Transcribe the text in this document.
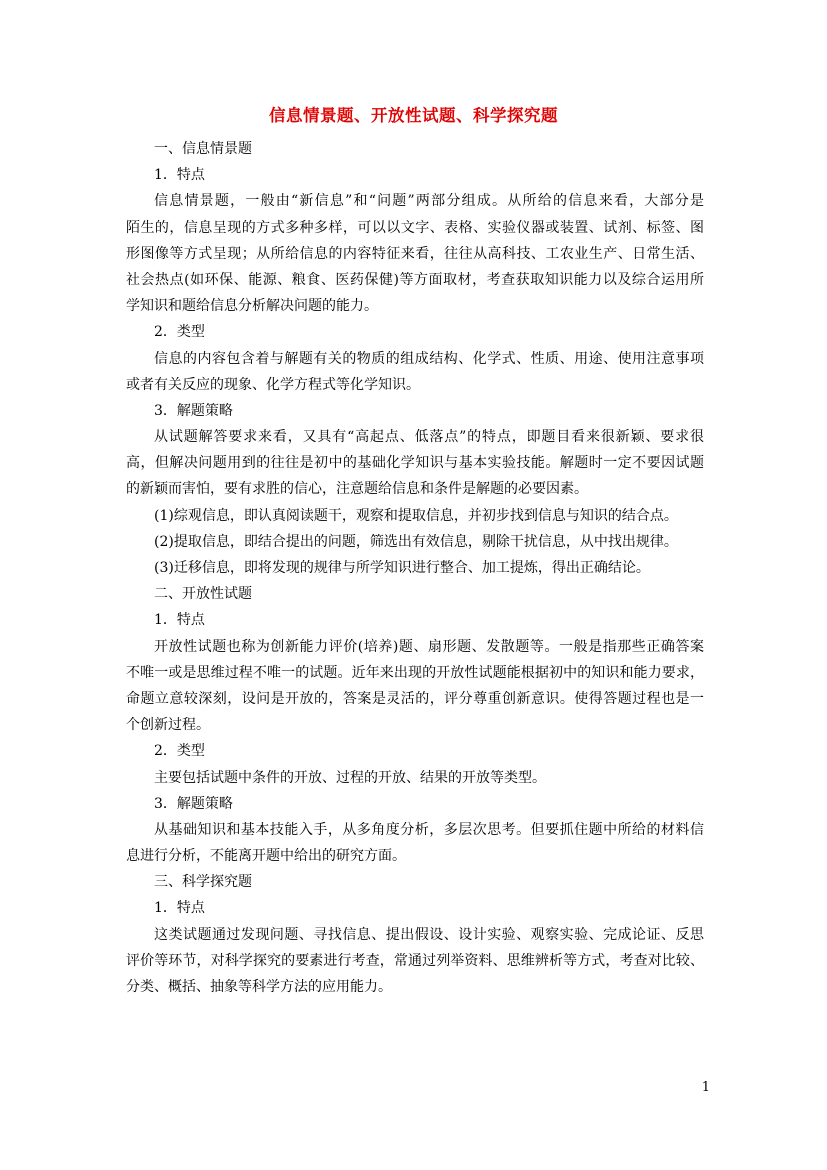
信息情景题、开放性试题、科学探究题
一、信息情景题
1．特点
信息情景题，一般由“新信息”和“问题”两部分组成。从所给的信息来看，大部分是
陌生的，信息呈现的方式多种多样，可以以文字、表格、实验仪器或装置、试剂、标签、图
形图像等方式呈现；从所给信息的内容特征来看，往往从高科技、工农业生产、日常生活、
社会热点(如环保、能源、粮食、医药保健)等方面取材，考查获取知识能力以及综合运用所
学知识和题给信息分析解决问题的能力。
2．类型
信息的内容包含着与解题有关的物质的组成结构、化学式、性质、用途、使用注意事项
或者有关反应的现象、化学方程式等化学知识。
3．解题策略
从试题解答要求来看，又具有“高起点、低落点”的特点，即题目看来很新颖、要求很
高，但解决问题用到的往往是初中的基础化学知识与基本实验技能。解题时一定不要因试题
的新颖而害怕，要有求胜的信心，注意题给信息和条件是解题的必要因素。
(1)综观信息，即认真阅读题干，观察和提取信息，并初步找到信息与知识的结合点。
(2)提取信息，即结合提出的问题，筛选出有效信息，剔除干扰信息，从中找出规律。
(3)迁移信息，即将发现的规律与所学知识进行整合、加工提炼，得出正确结论。
二、开放性试题
1．特点
开放性试题也称为创新能力评价(培养)题、扇形题、发散题等。一般是指那些正确答案
不唯一或是思维过程不唯一的试题。近年来出现的开放性试题能根据初中的知识和能力要求，
命题立意较深刻，设问是开放的，答案是灵活的，评分尊重创新意识。使得答题过程也是一
个创新过程。
2．类型
主要包括试题中条件的开放、过程的开放、结果的开放等类型。
3．解题策略
从基础知识和基本技能入手，从多角度分析，多层次思考。但要抓住题中所给的材料信
息进行分析，不能离开题中给出的研究方面。
三、科学探究题
1．特点
这类试题通过发现问题、寻找信息、提出假设、设计实验、观察实验、完成论证、反思
评价等环节，对科学探究的要素进行考查，常通过列举资料、思维辨析等方式，考查对比较、
分类、概括、抽象等科学方法的应用能力。
1
